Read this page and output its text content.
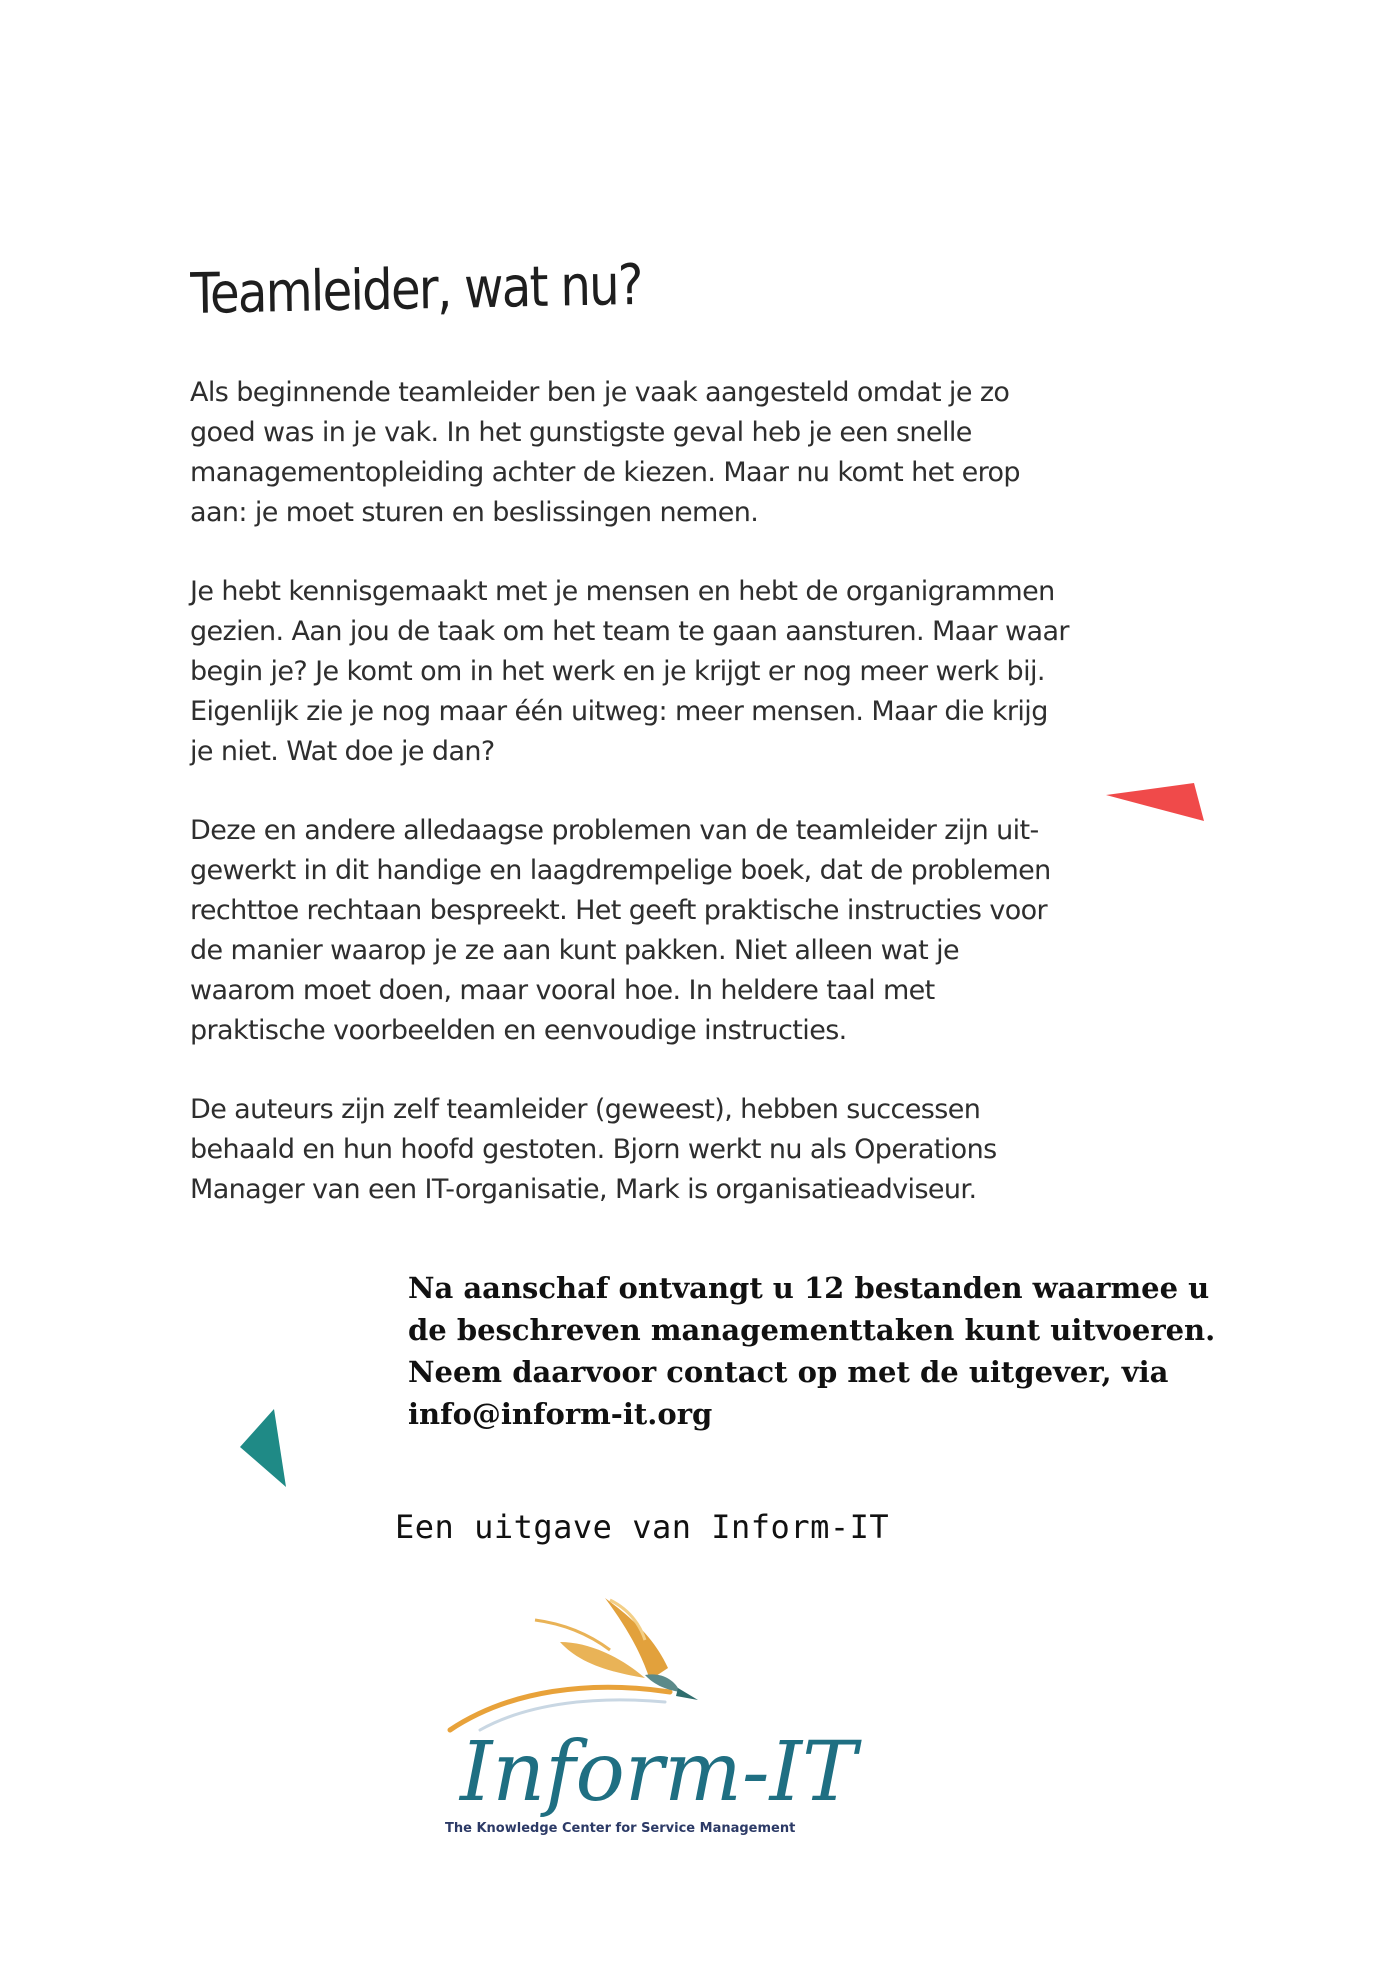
Teamleider, wat nu?

Als beginnende teamleider ben je vaak aangesteld omdat je zo goed was in je vak. In het gunstigste geval heb je een snelle managementopleiding achter de kiezen. Maar nu komt het erop aan: je moet sturen en beslissingen nemen.

Je hebt kennisgemaakt met je mensen en hebt de organigrammen gezien. Aan jou de taak om het team te gaan aansturen. Maar waar begin je? Je komt om in het werk en je krijgt er nog meer werk bij. Eigenlijk zie je nog maar één uitweg: meer mensen. Maar die krijg je niet. Wat doe je dan?

Deze en andere alledaagse problemen van de teamleider zijn uitgewerkt in dit handige en laagdrempelige boek, dat de problemen rechttoe rechtaan bespreekt. Het geeft praktische instructies voor de manier waarop je ze aan kunt pakken. Niet alleen wat je waarom moet doen, maar vooral hoe. In heldere taal met praktische voorbeelden en eenvoudige instructies.

De auteurs zijn zelf teamleider (geweest), hebben successen behaald en hun hoofd gestoten. Bjorn werkt nu als Operations Manager van een IT-organisatie, Mark is organisatieadviseur.

Na aanschaf ontvangt u 12 bestanden waarmee u
de beschreven managementtaken kunt uitvoeren.
Neem daarvoor contact op met de uitgever, via
info@inform-it.org
Een uitgave van Inform-IT
Inform-IT
The Knowledge Center for Service Management
